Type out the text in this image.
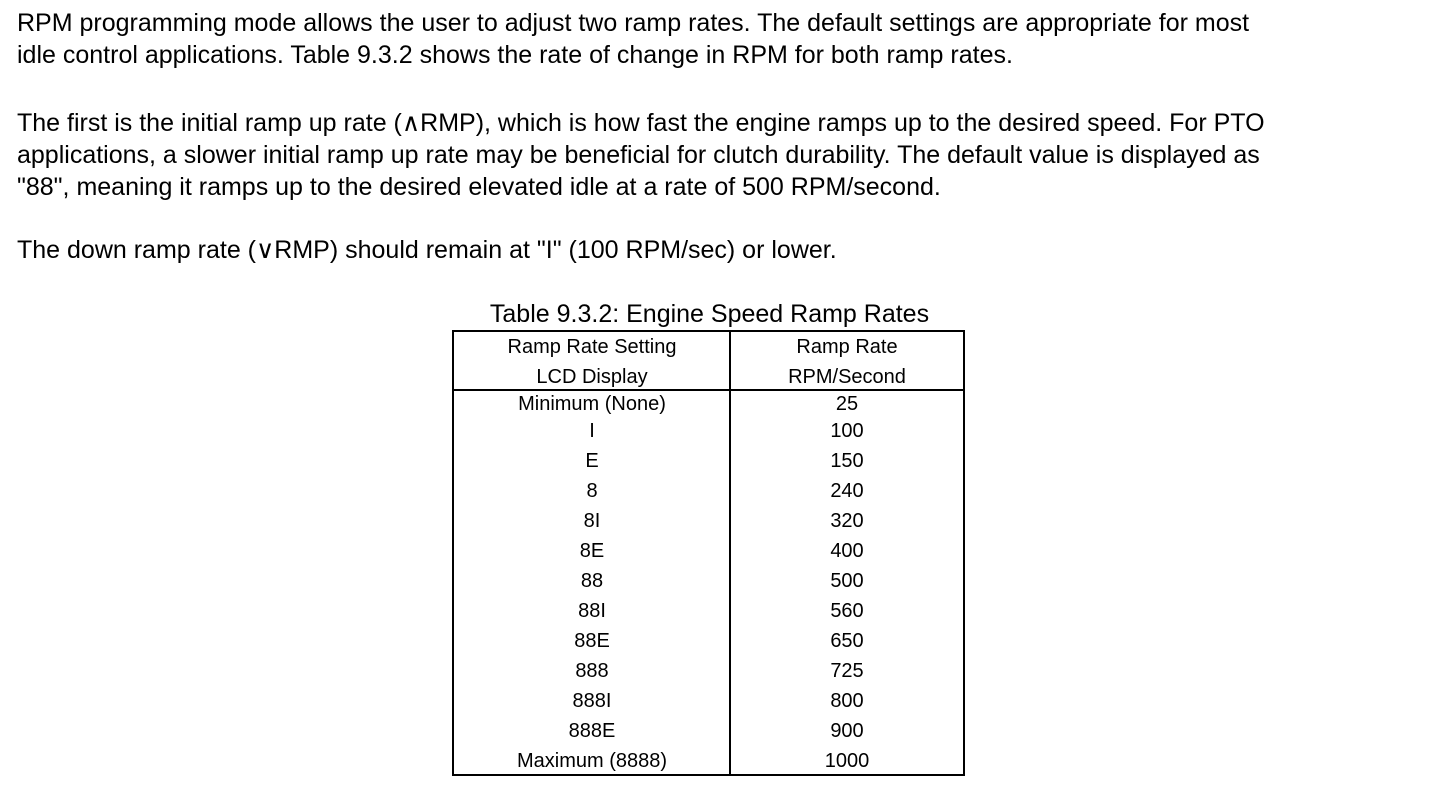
RPM programming mode allows the user to adjust two ramp rates. The default settings are appropriate for most
idle control applications. Table 9.3.2 shows the rate of change in RPM for both ramp rates.
The first is the initial ramp up rate (∧RMP), which is how fast the engine ramps up to the desired speed. For PTO
applications, a slower initial ramp up rate may be beneficial for clutch durability. The default value is displayed as
"88", meaning it ramps up to the desired elevated idle at a rate of 500 RPM/second.
The down ramp rate (∨RMP) should remain at "I" (100 RPM/sec) or lower.
Table 9.3.2: Engine Speed Ramp Rates
Ramp Rate Setting
LCD Display
Ramp Rate
RPM/Second
Minimum (None)
I
E
8
8I
8E
88
88I
88E
888
888I
888E
Maximum (8888)
25
100
150
240
320
400
500
560
650
725
800
900
1000
